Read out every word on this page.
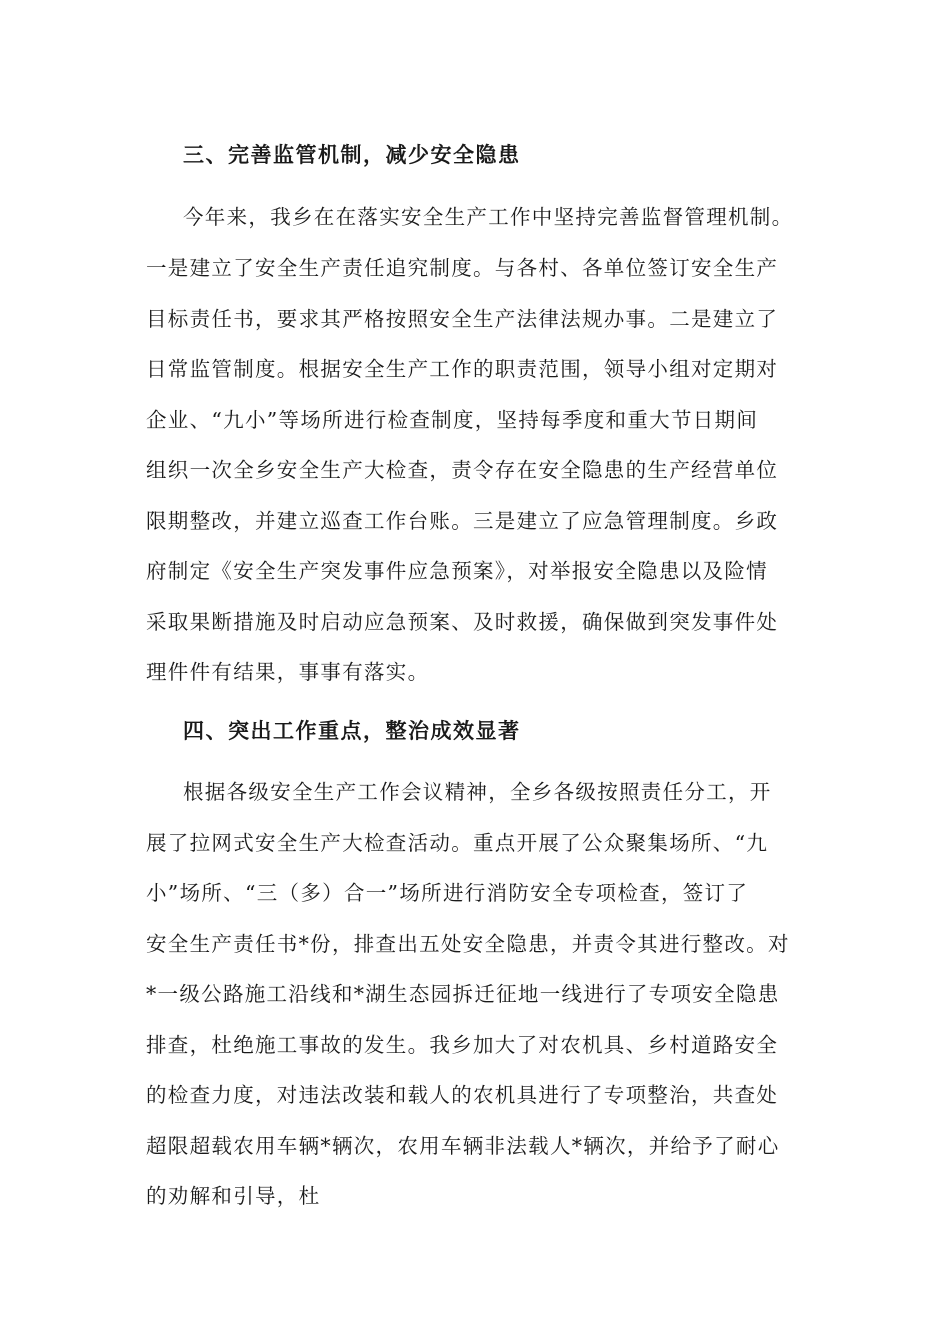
三、完善监管机制，减少安全隐患
今年来，我乡在在落实安全生产工作中坚持完善监督管理机制。
一是建立了安全生产责任追究制度。与各村、各单位签订安全生产
目标责任书，要求其严格按照安全生产法律法规办事。二是建立了
日常监管制度。根据安全生产工作的职责范围，领导小组对定期对
企业、“九小”等场所进行检查制度，坚持每季度和重大节日期间
组织一次全乡安全生产大检查，责令存在安全隐患的生产经营单位
限期整改，并建立巡查工作台账。三是建立了应急管理制度。乡政
府制定《安全生产突发事件应急预案》，对举报安全隐患以及险情
采取果断措施及时启动应急预案、及时救援，确保做到突发事件处
理件件有结果，事事有落实。
四、突出工作重点，整治成效显著
根据各级安全生产工作会议精神，全乡各级按照责任分工，开
展了拉网式安全生产大检查活动。重点开展了公众聚集场所、“九
小”场所、“三（多）合一”场所进行消防安全专项检查，签订了
安全生产责任书*份，排查出五处安全隐患，并责令其进行整改。对
*一级公路施工沿线和*湖生态园拆迁征地一线进行了专项安全隐患
排查，杜绝施工事故的发生。我乡加大了对农机具、乡村道路安全
的检查力度，对违法改装和载人的农机具进行了专项整治，共查处
超限超载农用车辆*辆次，农用车辆非法载人*辆次，并给予了耐心
的劝解和引导，杜
